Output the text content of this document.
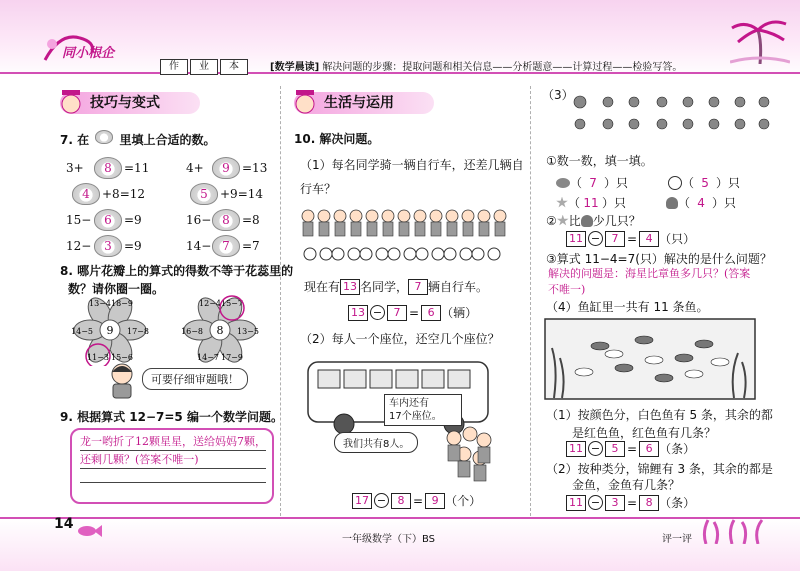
同小根企
作	业	本	[数学晨读] 解决问题的步骤：提取问题和相关信息——分析题意——计算过程——检验写答。
技巧与变式
7. 在  里填上合适的数。
3+	8	=11	4+	9	=13
4	+8=12	5	+9=14
15−	6	=9	16− 8	=8
12−	3	=9	14− 7	=7
8. 哪片花瓣上的算式的得数不等于花蕊里的
数？请你圈一圈。
9
13−4 18−9
17−8
15−6
11−3
14−5	8
12−4 15−7
13−5
17−9
14−7
16−8
可要仔细审题哦！
9. 根据算式 12−7=5 编一个数学问题。
龙一哟折了12颗星星，送给妈妈7颗，
还剩几颗？(答案不唯一)
生活与运用
10. 解决问题。
（1）每名同学骑一辆自行车，还差几辆自
行车？
现在有 13 名同学， 7 辆自行车。
13 −	7 = 6 （辆）
（2）每人一个座位，还空几个座位？
车内还有
17个座位。
我们共有8人。
17 −	8 = 9 （个）
（3）
①数一数，填一填。
（ 7 ）只	（ 5 ）只
（ 11 ）只	（ 4 ）只
② 比 少几只？
11 −	7 = 4 （只）
③算式 11−4=7(只）解决的是什么问题？
解决的问题是：海星比章鱼多几只？(答案
不唯一)
（4）鱼缸里一共有 11 条鱼。
（1）按颜色分，白色鱼有 5 条，其余的都
是红色鱼，红色鱼有几条？
11 −	5 = 6 （条）
（2）按种类分，锦鲤有 3 条，其余的都是
金鱼，金鱼有几条？
11 −	3 = 8 （条）
14
一年级数学（下）BS	评一评
